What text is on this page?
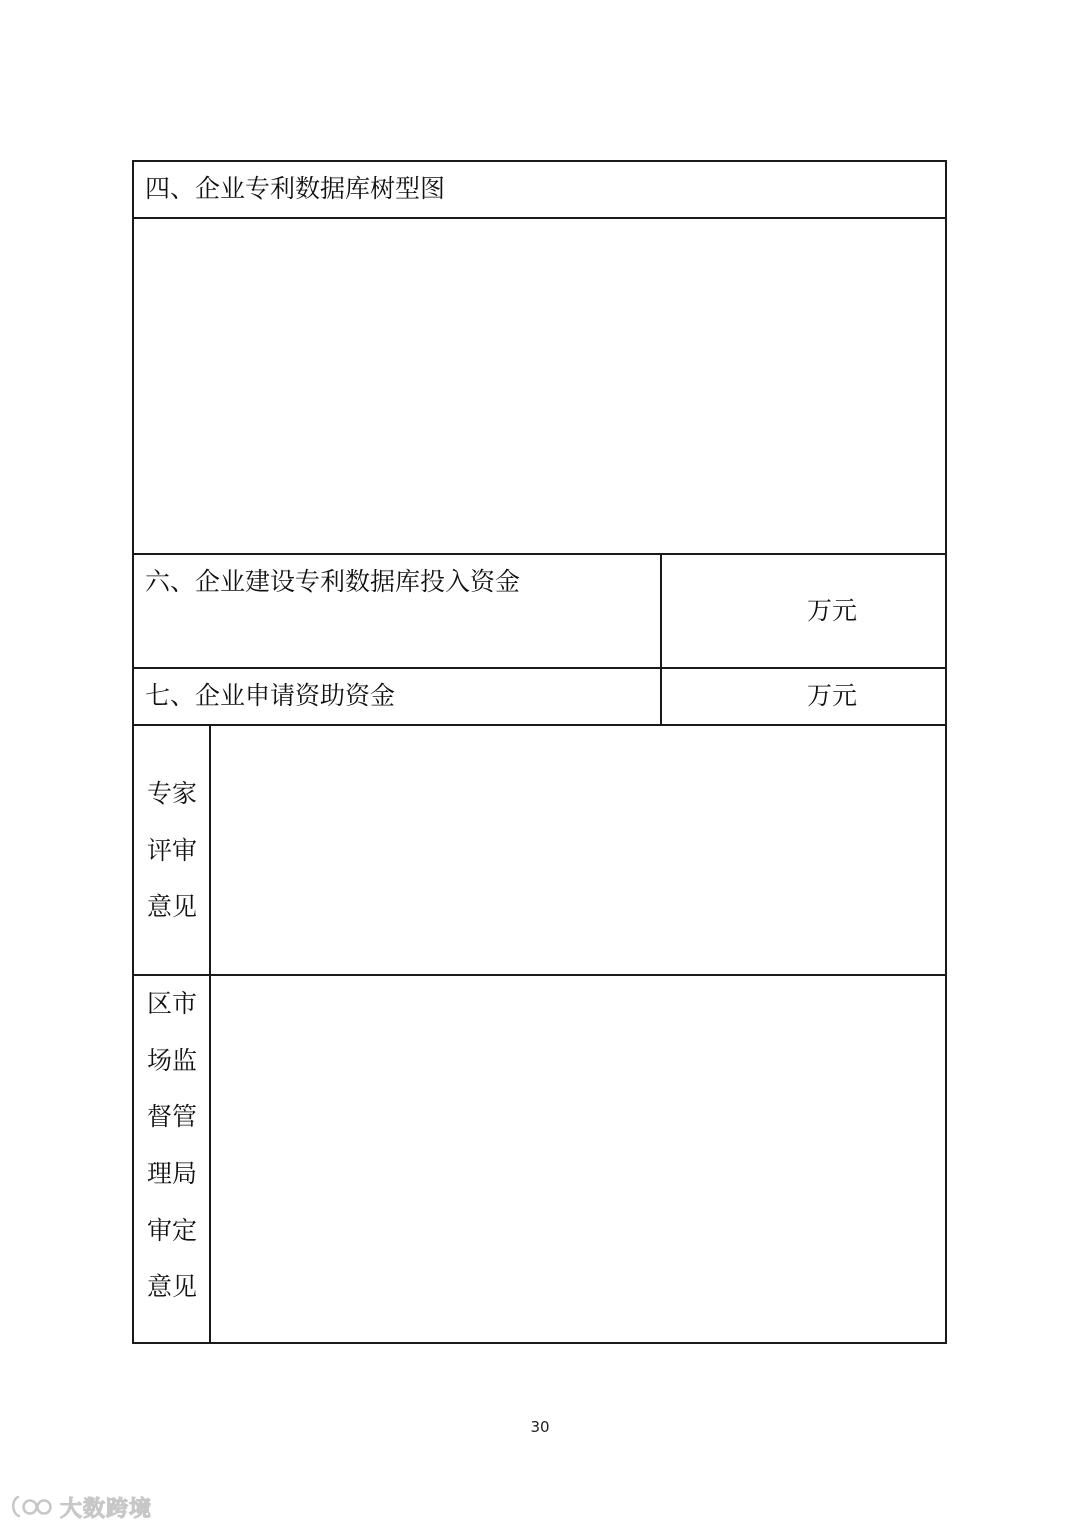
四、企业专利数据库树型图
六、企业建设专利数据库投入资金
万元
七、企业申请资助资金	万元
专家
评审
意见
区市
场监
督管
理局
审定
意见
30
大数跨境
